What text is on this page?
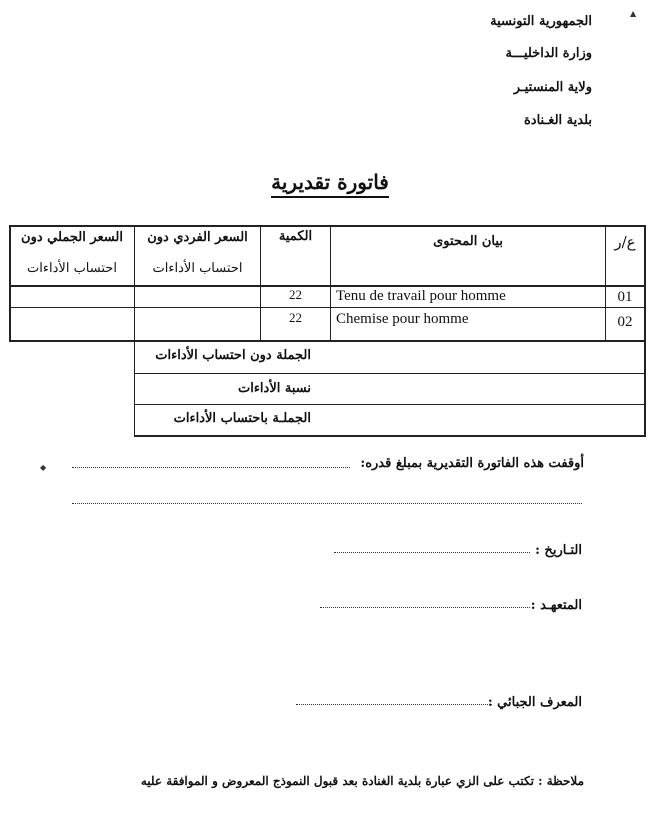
▲
◆
الجمهورية التونسية
وزارة الداخليـــة
ولاية المنستيـر
بلدية الغـنادة
فاتورة تقديرية
ع/ر
بيان المحتوى
الكمية
السعر الفردي دون
احتساب الأداءات
السعر الجملي دون
احتساب الأداءات
01
Tenu de travail pour homme
22
02
Chemise pour homme
22
الجملة دون احتساب الأداءات
نسبة الأداءات
الجملـة باحتساب الأداءات
أوقفت هذه الفاتورة التقديرية بمبلغ قدره:
التـاريخ :
المتعهـد :
المعرف الجبائي :
ملاحظة : تكتب على الزي عبارة بلدية الغنادة بعد قبول النموذج المعروض و الموافقة عليه
